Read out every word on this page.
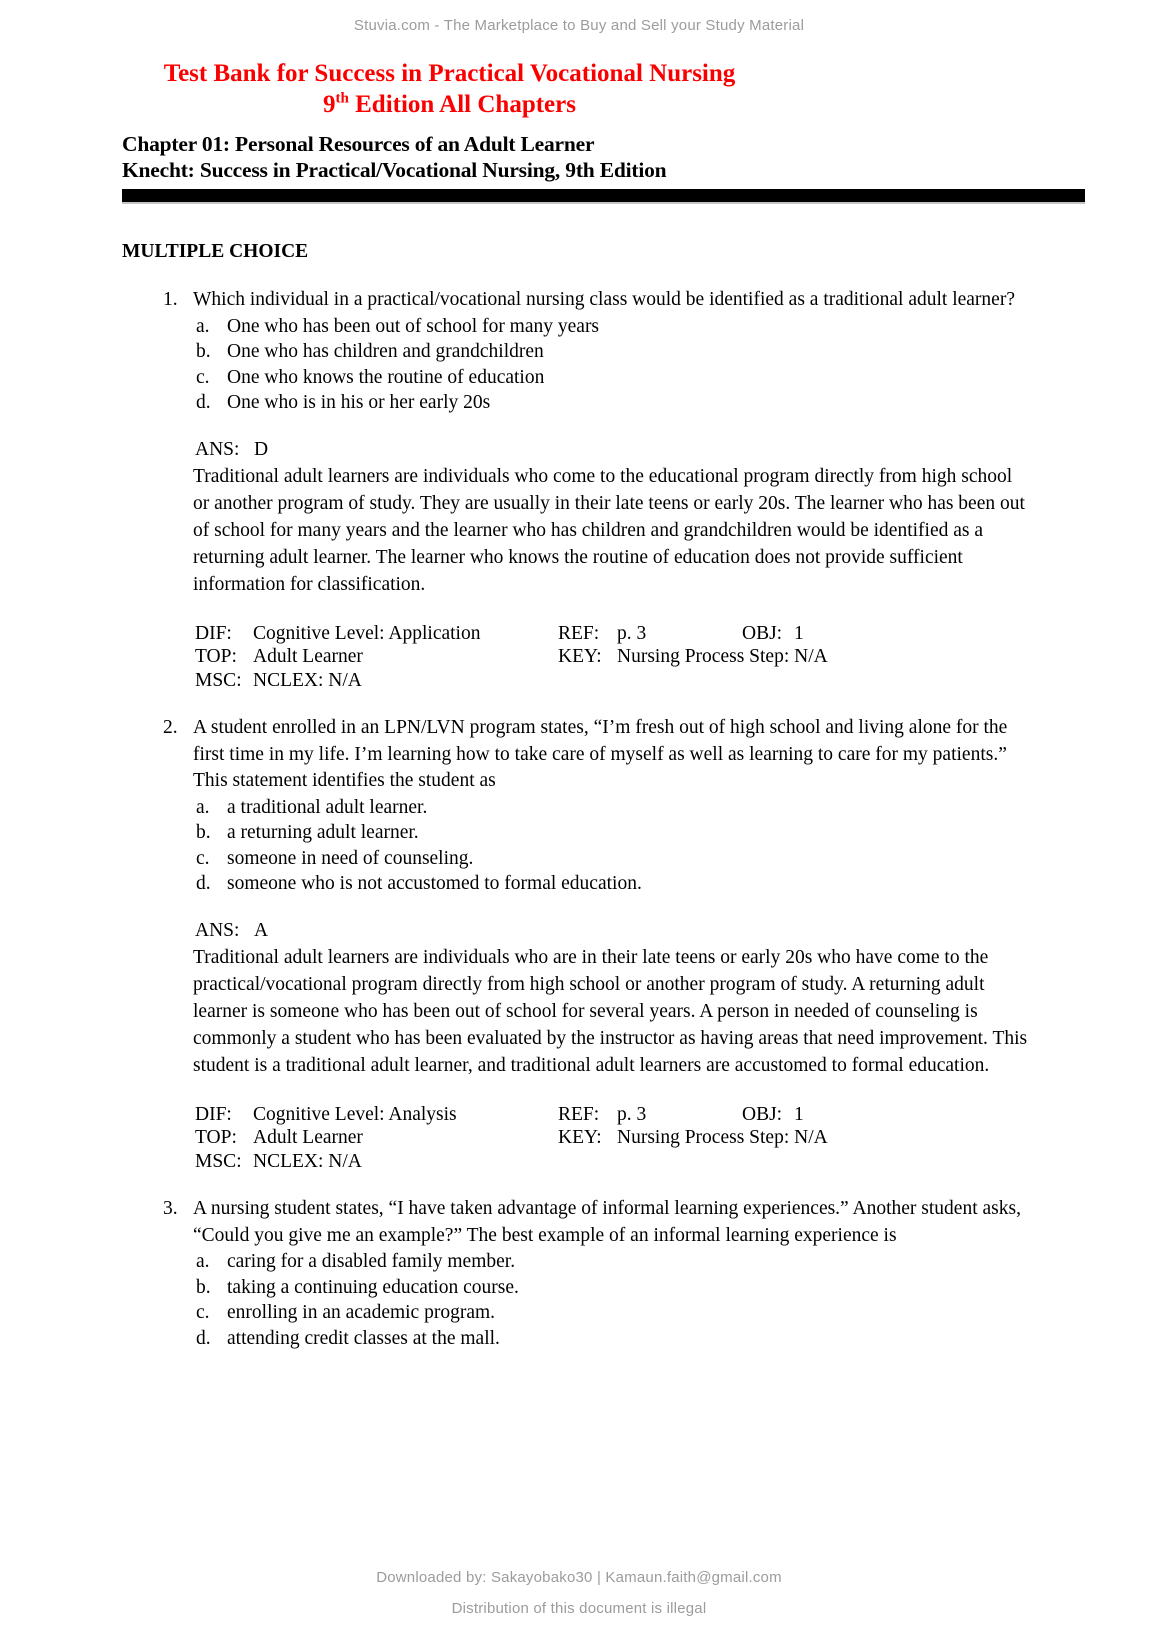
Stuvia.com - The Marketplace to Buy and Sell your Study Material
Test Bank for Success in Practical Vocational Nursing
9th Edition All Chapters
Chapter 01: Personal Resources of an Adult Learner
Knecht: Success in Practical/Vocational Nursing, 9th Edition
MULTIPLE CHOICE
1. Which individual in a practical/vocational nursing class would be identified as a traditional adult learner?
a. One who has been out of school for many years
b. One who has children and grandchildren
c. One who knows the routine of education
d. One who is in his or her early 20s
ANS: D
Traditional adult learners are individuals who come to the educational program directly from high school or another program of study. They are usually in their late teens or early 20s. The learner who has been out of school for many years and the learner who has children and grandchildren would be identified as a returning adult learner. The learner who knows the routine of education does not provide sufficient information for classification.
DIF:	Cognitive Level: Application	REF: p. 3	OBJ: 1
TOP: Adult Learner	KEY: Nursing Process Step: N/A
MSC: NCLEX: N/A
2. A student enrolled in an LPN/LVN program states, “I’m fresh out of high school and living alone for the first time in my life. I’m learning how to take care of myself as well as learning to care for my patients.” This statement identifies the student as
a. a traditional adult learner.
b. a returning adult learner.
c. someone in need of counseling.
d. someone who is not accustomed to formal education.
ANS: A
Traditional adult learners are individuals who are in their late teens or early 20s who have come to the practical/vocational program directly from high school or another program of study. A returning adult learner is someone who has been out of school for several years. A person in needed of counseling is commonly a student who has been evaluated by the instructor as having areas that need improvement. This student is a traditional adult learner, and traditional adult learners are accustomed to formal education.
DIF:	Cognitive Level: Analysis	REF: p. 3	OBJ: 1
TOP: Adult Learner	KEY: Nursing Process Step: N/A
MSC: NCLEX: N/A
3. A nursing student states, “I have taken advantage of informal learning experiences.” Another student asks, “Could you give me an example?” The best example of an informal learning experience is
a. caring for a disabled family member.
b. taking a continuing education course.
c. enrolling in an academic program.
d. attending credit classes at the mall.
Downloaded by: Sakayobako30 | Kamaun.faith@gmail.com
Distribution of this document is illegal
